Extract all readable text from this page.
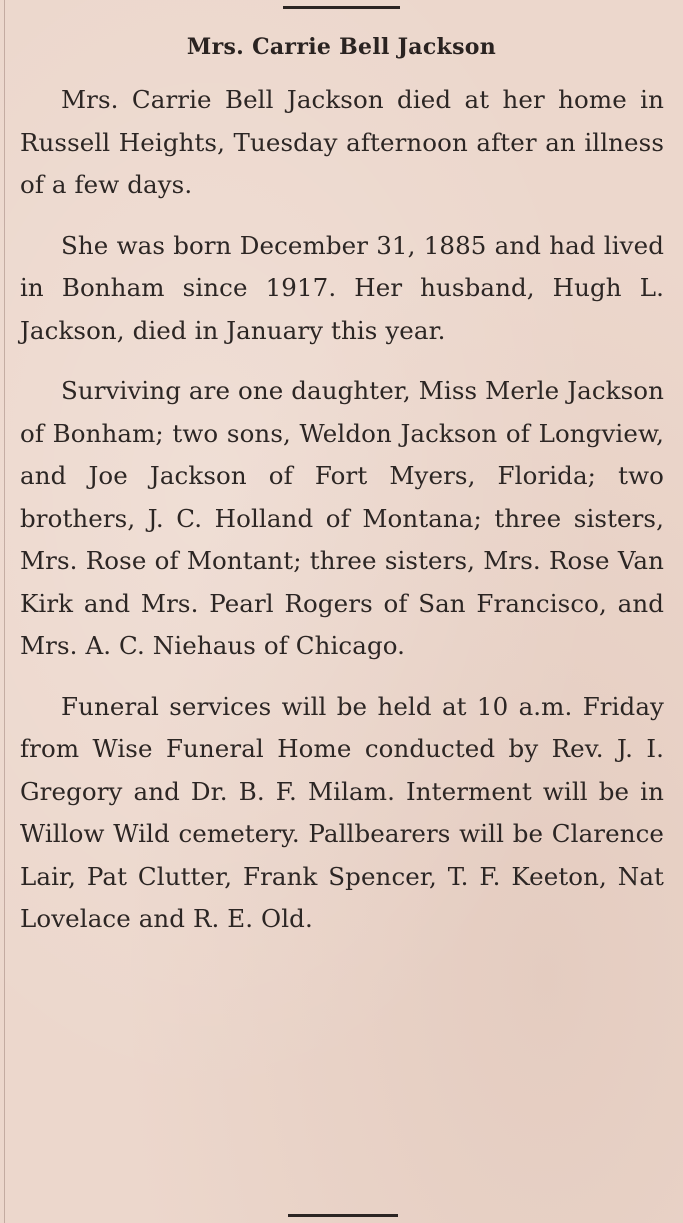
Mrs. Carrie Bell Jackson

Mrs. Carrie Bell Jackson died at her home in Russell Heights, Tuesday afternoon after an illness of a few days.

She was born December 31, 1885 and had lived in Bonham since 1917. Her husband, Hugh L. Jackson, died in January this year.

Surviving are one daughter, Miss Merle Jackson of Bonham; two sons, Weldon Jackson of Longview, and Joe Jackson of Fort Myers, Florida; two brothers, J. C. Holland of Montana; three sisters, Mrs. Rose of Montant; three sisters, Mrs. Rose Van Kirk and Mrs. Pearl Rogers of San Francisco, and Mrs. A. C. Niehaus of Chicago.

Funeral services will be held at 10 a.m. Friday from Wise Funeral Home conducted by Rev. J. I. Gregory and Dr. B. F. Milam. Interment will be in Willow Wild cemetery. Pallbearers will be Clarence Lair, Pat Clutter, Frank Spencer, T. F. Keeton, Nat Lovelace and R. E. Old.
